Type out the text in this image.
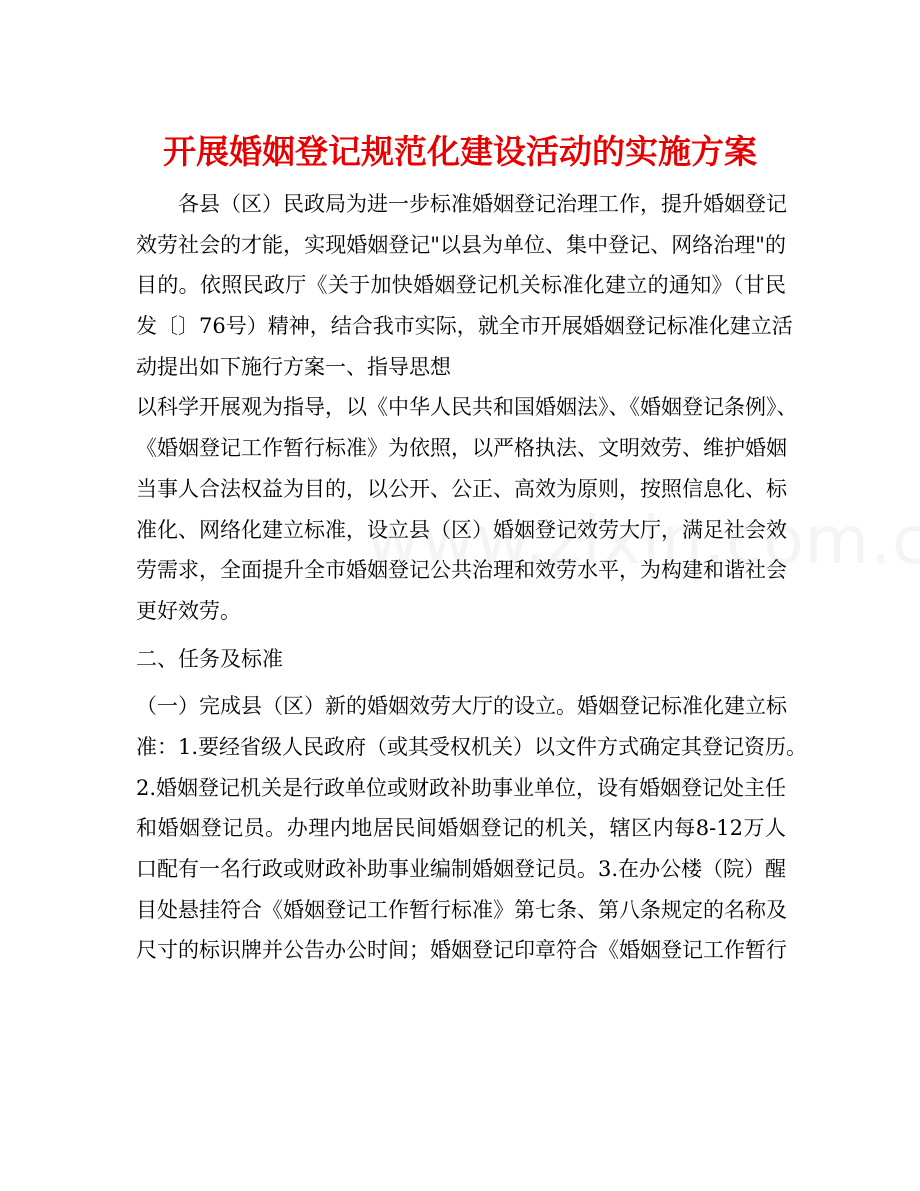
开展婚姻登记规范化建设活动的实施方案
　　各县（区）民政局为进一步标准婚姻登记治理工作，提升婚姻登记
效劳社会的才能，实现婚姻登记"以县为单位、集中登记、网络治理"的
目的。依照民政厅《关于加快婚姻登记机关标准化建立的通知》（甘民
发〔〕76号）精神，结合我市实际，就全市开展婚姻登记标准化建立活
动提出如下施行方案一、指导思想
以科学开展观为指导，以《中华人民共和国婚姻法》、《婚姻登记条例》、
《婚姻登记工作暂行标准》为依照，以严格执法、文明效劳、维护婚姻
当事人合法权益为目的，以公开、公正、高效为原则，按照信息化、标
准化、网络化建立标准，设立县（区）婚姻登记效劳大厅，满足社会效
劳需求，全面提升全市婚姻登记公共治理和效劳水平，为构建和谐社会
更好效劳。
二、任务及标准
（一）完成县（区）新的婚姻效劳大厅的设立。婚姻登记标准化建立标
准：1.要经省级人民政府（或其受权机关）以文件方式确定其登记资历。
2.婚姻登记机关是行政单位或财政补助事业单位，设有婚姻登记处主任
和婚姻登记员。办理内地居民间婚姻登记的机关，辖区内每8-12万人
口配有一名行政或财政补助事业编制婚姻登记员。3.在办公楼（院）醒
目处悬挂符合《婚姻登记工作暂行标准》第七条、第八条规定的名称及
尺寸的标识牌并公告办公时间；婚姻登记印章符合《婚姻登记工作暂行
